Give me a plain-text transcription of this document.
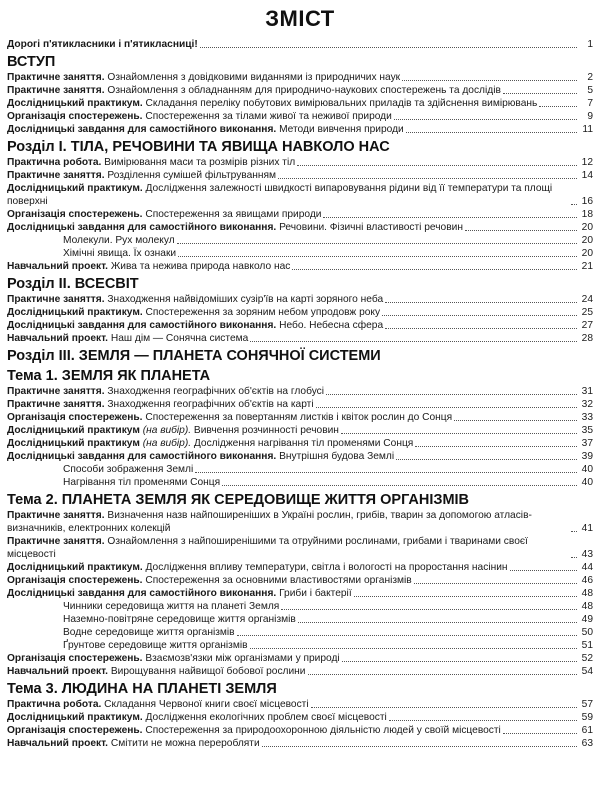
ЗМІСТ
Дорогі п'ятикласники і п'ятикласниці!	1
ВСТУП
Практичне заняття. Ознайомлення з довідковими виданнями із природничих наук	2
Практичне заняття. Ознайомлення з обладнанням для природничо-наукових спостережень та дослідів	5
Дослідницький практикум. Складання переліку побутових вимірювальних приладів та здійснення вимірювань	7
Організація спостережень. Спостереження за тілами живої та неживої природи	9
Дослідницькі завдання для самостійного виконання. Методи вивчення природи	11
Розділ І. ТІЛА, РЕЧОВИНИ ТА ЯВИЩА НАВКОЛО НАС
Практична робота. Вимірювання маси та розмірів різних тіл	12
Практичне заняття. Розділення сумішей фільтруванням	14
Дослідницький практикум. Дослідження залежності швидкості випаровування рідини від її температури та площі поверхні	16
Організація спостережень. Спостереження за явищами природи	18
Дослідницькі завдання для самостійного виконання. Речовини. Фізичні властивості речовин	20
Молекули. Рух молекул	20
Хімічні явища. Їх ознаки	20
Навчальний проект. Жива та нежива природа навколо нас	21
Розділ II. ВСЕСВІТ
Практичне заняття. Знаходження найвідоміших сузір'їв на карті зоряного неба	24
Дослідницький практикум. Спостереження за зоряним небом упродовж року	25
Дослідницькі завдання для самостійного виконання. Небо. Небесна сфера	27
Навчальний проект. Наш дім — Сонячна система	28
Розділ III. ЗЕМЛЯ — ПЛАНЕТА СОНЯЧНОЇ СИСТЕМИ
Тема 1. ЗЕМЛЯ ЯК ПЛАНЕТА
Практичне заняття. Знаходження географічних об'єктів на глобусі	31
Практичне заняття. Знаходження географічних об'єктів на карті	32
Організація спостережень. Спостереження за повертанням листків і квіток рослин до Сонця	33
Дослідницький практикум (на вибір). Вивчення розчинності речовин	35
Дослідницький практикум (на вибір). Дослідження нагрівання тіл променями Сонця	37
Дослідницькі завдання для самостійного виконання. Внутрішня будова Землі	39
Способи зображення Землі	40
Нагрівання тіл променями Сонця	40
Тема 2. ПЛАНЕТА ЗЕМЛЯ ЯК СЕРЕДОВИЩЕ ЖИТТЯ ОРГАНІЗМІВ
Практичне заняття. Визначення назв найпоширеніших в Україні рослин, грибів, тварин за допомогою атласів-визначників, електронних колекцій	41
Практичне заняття. Ознайомлення з найпоширенішими та отруйними рослинами, грибами і тваринами своєї місцевості	43
Дослідницький практикум. Дослідження впливу температури, світла і вологості на проростання насінин	44
Організація спостережень. Спостереження за основними властивостями організмів	46
Дослідницькі завдання для самостійного виконання. Гриби і бактерії	48
Чинники середовища життя на планеті Земля	48
Наземно-повітряне середовище життя організмів	49
Водне середовище життя організмів	50
Ґрунтове середовище життя організмів	51
Організація спостережень. Взаємозв'язки між організмами у природі	52
Навчальний проект. Вирощування найвищої бобової рослини	54
Тема 3. ЛЮДИНА НА ПЛАНЕТІ ЗЕМЛЯ
Практична робота. Складання Червоної книги своєї місцевості	57
Дослідницький практикум. Дослідження екологічних проблем своєї місцевості	59
Організація спостережень. Спостереження за природоохоронною діяльністю людей у своїй місцевості	61
Навчальний проект. Смітити не можна переробляти	63
